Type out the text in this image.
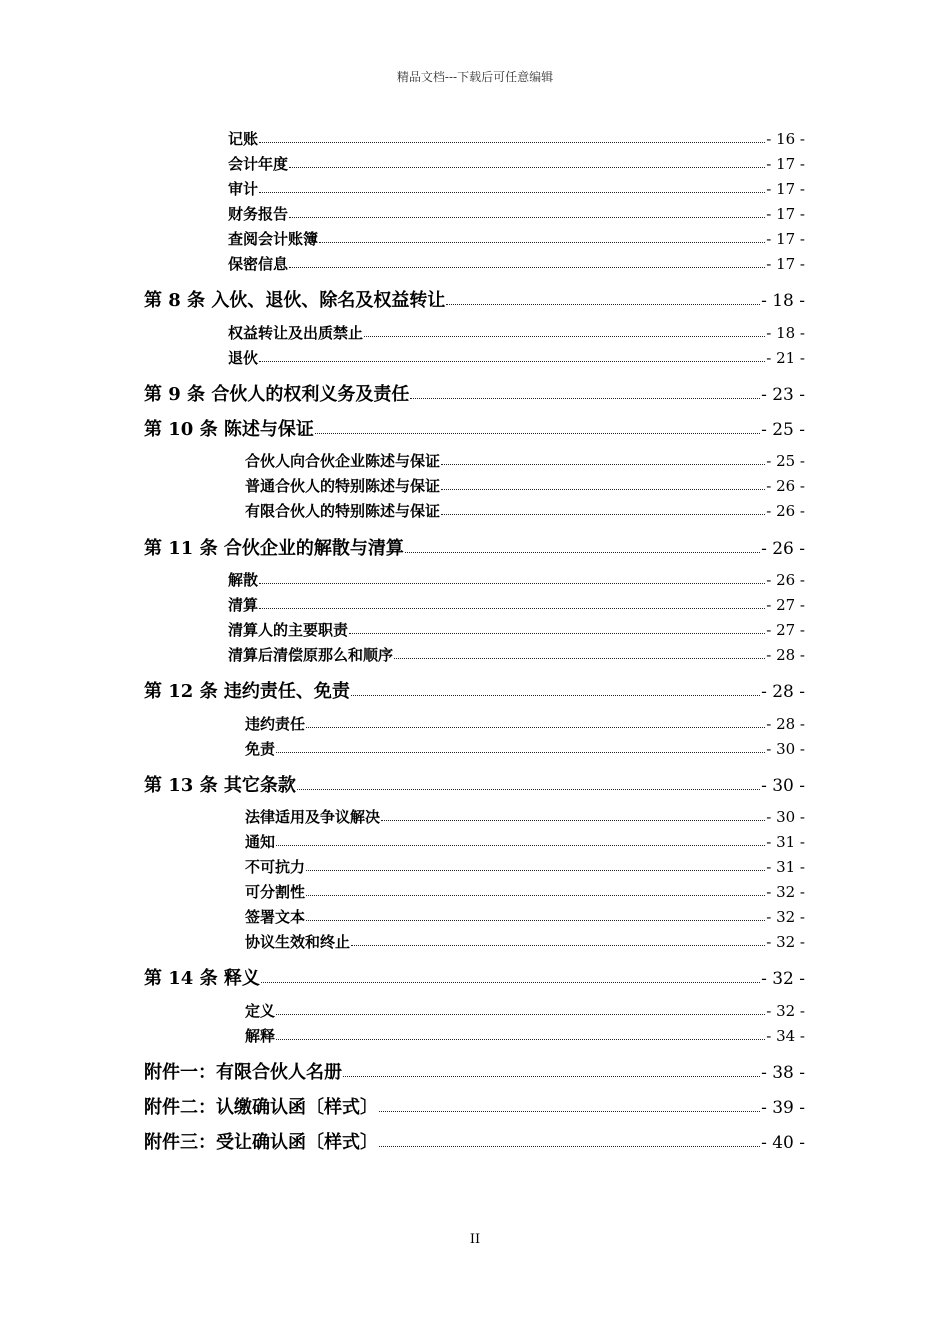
精品文档---下载后可任意编辑
记账	- 16 -
会计年度	- 17 -
审计	- 17 -
财务报告	- 17 -
查阅会计账簿	- 17 -
保密信息	- 17 -
第 8 条 入伙、退伙、除名及权益转让	- 18 -
权益转让及出质禁止	- 18 -
退伙	- 21 -
第 9 条 合伙人的权利义务及责任	- 23 -
第 10 条 陈述与保证	- 25 -
合伙人向合伙企业陈述与保证	- 25 -
普通合伙人的特别陈述与保证	- 26 -
有限合伙人的特别陈述与保证	- 26 -
第 11 条 合伙企业的解散与清算	- 26 -
解散	- 26 -
清算	- 27 -
清算人的主要职责	- 27 -
清算后清偿原那么和顺序	- 28 -
第 12 条 违约责任、免责	- 28 -
违约责任	- 28 -
免责	- 30 -
第 13 条 其它条款	- 30 -
法律适用及争议解决	- 30 -
通知	- 31 -
不可抗力	- 31 -
可分割性	- 32 -
签署文本	- 32 -
协议生效和终止	- 32 -
第 14 条 释义	- 32 -
定义	- 32 -
解释	- 34 -
附件一：有限合伙人名册	- 38 -
附件二：认缴确认函〔样式〕	- 39 -
附件三：受让确认函〔样式〕	- 40 -
II
